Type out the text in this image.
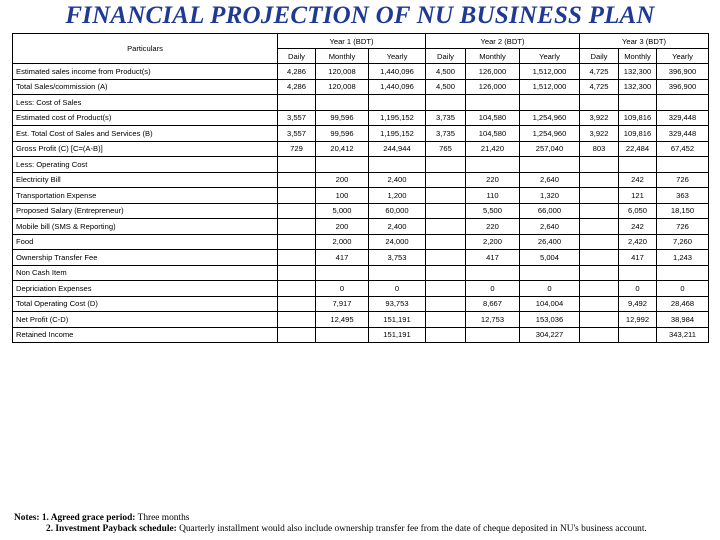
FINANCIAL PROJECTION OF NU BUSINESS PLAN
Particulars	Year 1 (BDT)			Year 2 (BDT)			Year 3 (BDT)		
	Daily	Monthly	Yearly	Daily	Monthly	Yearly	Daily	Monthly	Yearly
Estimated sales income from Product(s)	4,286	120,008	1,440,096	4,500	126,000	1,512,000	4,725	132,300	396,900
Total Sales/commission (A)	4,286	120,008	1,440,096	4,500	126,000	1,512,000	4,725	132,300	396,900
Less: Cost of Sales									
Estimated cost of Product(s)	3,557	99,596	1,195,152	3,735	104,580	1,254,960	3,922	109,816	329,448
Est. Total Cost of Sales and Services (B)	3,557	99,596	1,195,152	3,735	104,580	1,254,960	3,922	109,816	329,448
Gross Profit (C) [C=(A-B)]	729	20,412	244,944	765	21,420	257,040	803	22,484	67,452
Less: Operating Cost									
Electricity Bill		200	2,400		220	2,640		242	726
Transportation Expense		100	1,200		110	1,320		121	363
Proposed Salary (Entrepreneur)		5,000	60,000		5,500	66,000		6,050	18,150
Mobile bill (SMS & Reporting)		200	2,400		220	2,640		242	726
Food		2,000	24,000		2,200	26,400		2,420	7,260
Ownership Transfer Fee		417	3,753		417	5,004		417	1,243
Non Cash Item									
Depriciation Expenses		0	0		0	0		0	0
Total Operating Cost (D)		7,917	93,753		8,667	104,004		9,492	28,468
Net Profit (C-D)		12,495	151,191		12,753	153,036		12,992	38,984
Retained Income			151,191			304,227			343,211
Notes: 1. Agreed grace period: Three months
2. Investment Payback schedule: Quarterly installment would also include ownership transfer fee from the date of cheque deposited in NU's business account.
